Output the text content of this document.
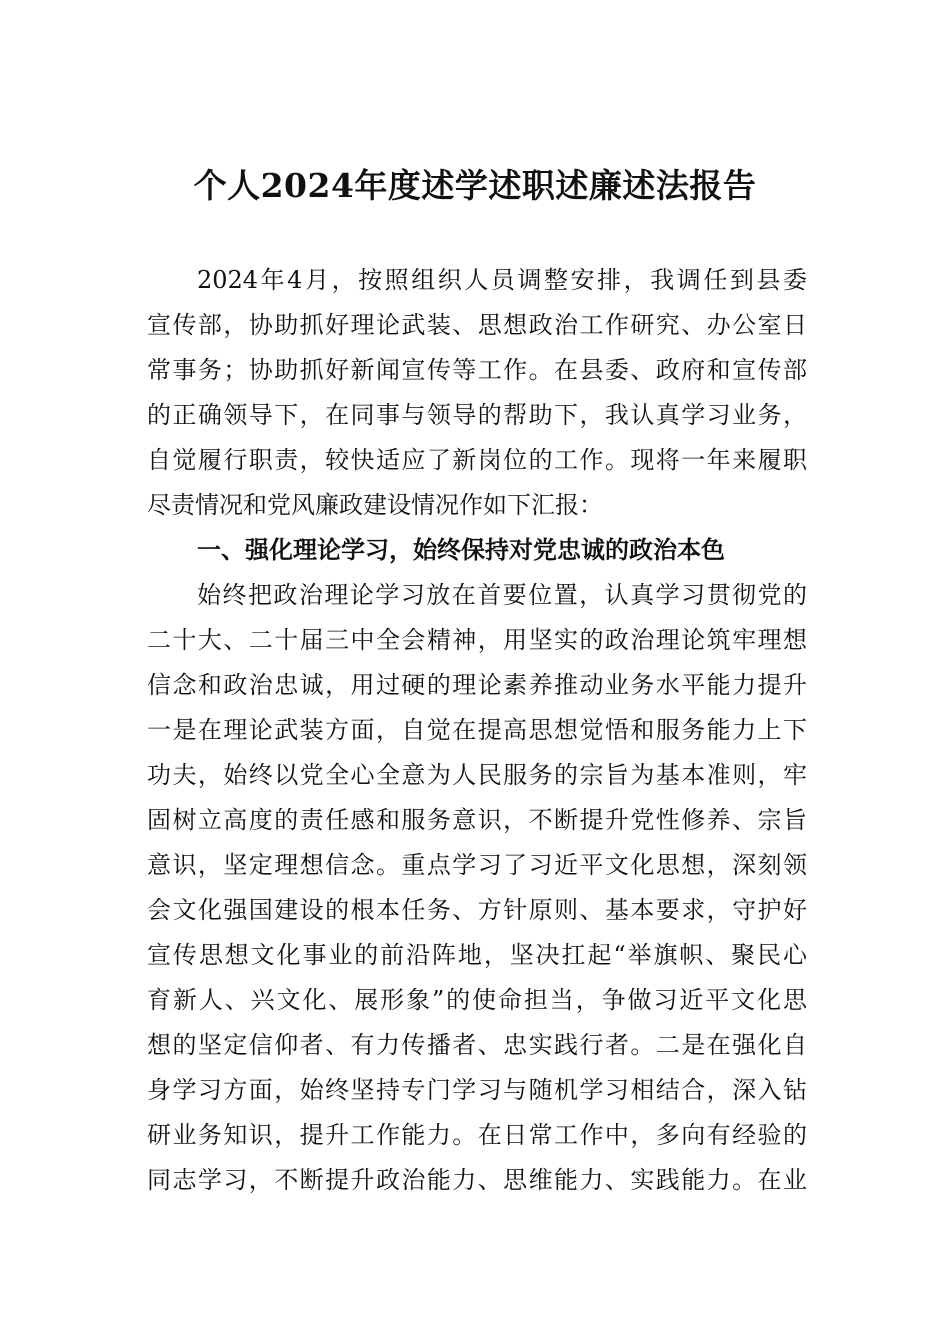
个人2024年度述学述职述廉述法报告
2024年4月，按照组织人员调整安排，我调任到县委
宣传部，协助抓好理论武装、思想政治工作研究、办公室日
常事务；协助抓好新闻宣传等工作。在县委、政府和宣传部
的正确领导下，在同事与领导的帮助下，我认真学习业务，
自觉履行职责，较快适应了新岗位的工作。现将一年来履职
尽责情况和党风廉政建设情况作如下汇报：
一、强化理论学习，始终保持对党忠诚的政治本色
始终把政治理论学习放在首要位置，认真学习贯彻党的
二十大、二十届三中全会精神，用坚实的政治理论筑牢理想
信念和政治忠诚，用过硬的理论素养推动业务水平能力提升
一是在理论武装方面，自觉在提高思想觉悟和服务能力上下
功夫，始终以党全心全意为人民服务的宗旨为基本准则，牢
固树立高度的责任感和服务意识，不断提升党性修养、宗旨
意识，坚定理想信念。重点学习了习近平文化思想，深刻领
会文化强国建设的根本任务、方针原则、基本要求，守护好
宣传思想文化事业的前沿阵地，坚决扛起“举旗帜、聚民心
育新人、兴文化、展形象”的使命担当，争做习近平文化思
想的坚定信仰者、有力传播者、忠实践行者。二是在强化自
身学习方面，始终坚持专门学习与随机学习相结合，深入钻
研业务知识，提升工作能力。在日常工作中，多向有经验的
同志学习，不断提升政治能力、思维能力、实践能力。在业
